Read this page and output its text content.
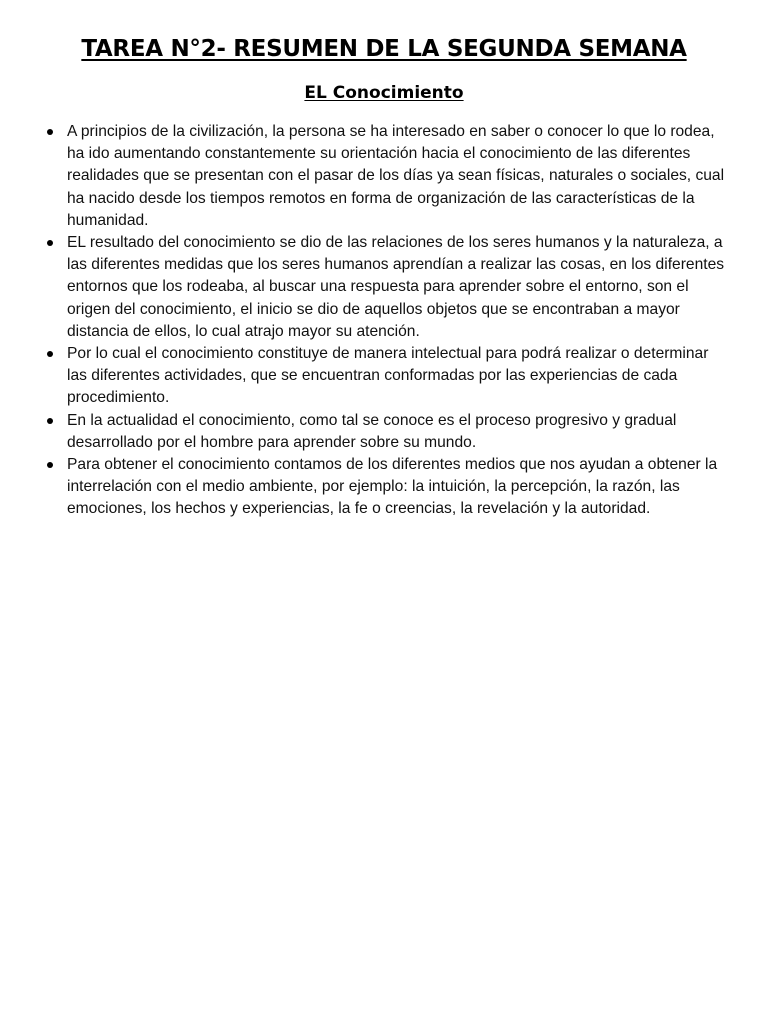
TAREA N°2- RESUMEN DE LA SEGUNDA SEMANA
EL Conocimiento
A principios de la civilización, la persona se ha interesado en saber o conocer lo que lo rodea, ha ido aumentando constantemente su orientación hacia el conocimiento de las diferentes realidades que se presentan con el pasar de los días ya sean físicas, naturales o sociales, cual ha nacido desde los tiempos remotos en forma de organización de las características de la humanidad.
EL resultado del conocimiento se dio de las relaciones de los seres humanos y la naturaleza, a las diferentes medidas que los seres humanos aprendían a realizar las cosas, en los diferentes entornos que los rodeaba, al buscar una respuesta para aprender sobre el entorno, son el origen del conocimiento, el inicio se dio de aquellos objetos que se encontraban a mayor distancia de ellos, lo cual atrajo mayor su atención.
Por lo cual el conocimiento constituye de manera intelectual para podrá realizar o determinar las diferentes actividades, que se encuentran conformadas por las experiencias de cada procedimiento.
En la actualidad el conocimiento, como tal se conoce es el proceso progresivo y gradual desarrollado por el hombre para aprender sobre su mundo.
Para obtener el conocimiento contamos de los diferentes medios que nos ayudan a obtener la interrelación con el medio ambiente, por ejemplo: la intuición, la percepción, la razón, las emociones, los hechos y experiencias, la fe o creencias, la revelación y la autoridad.
